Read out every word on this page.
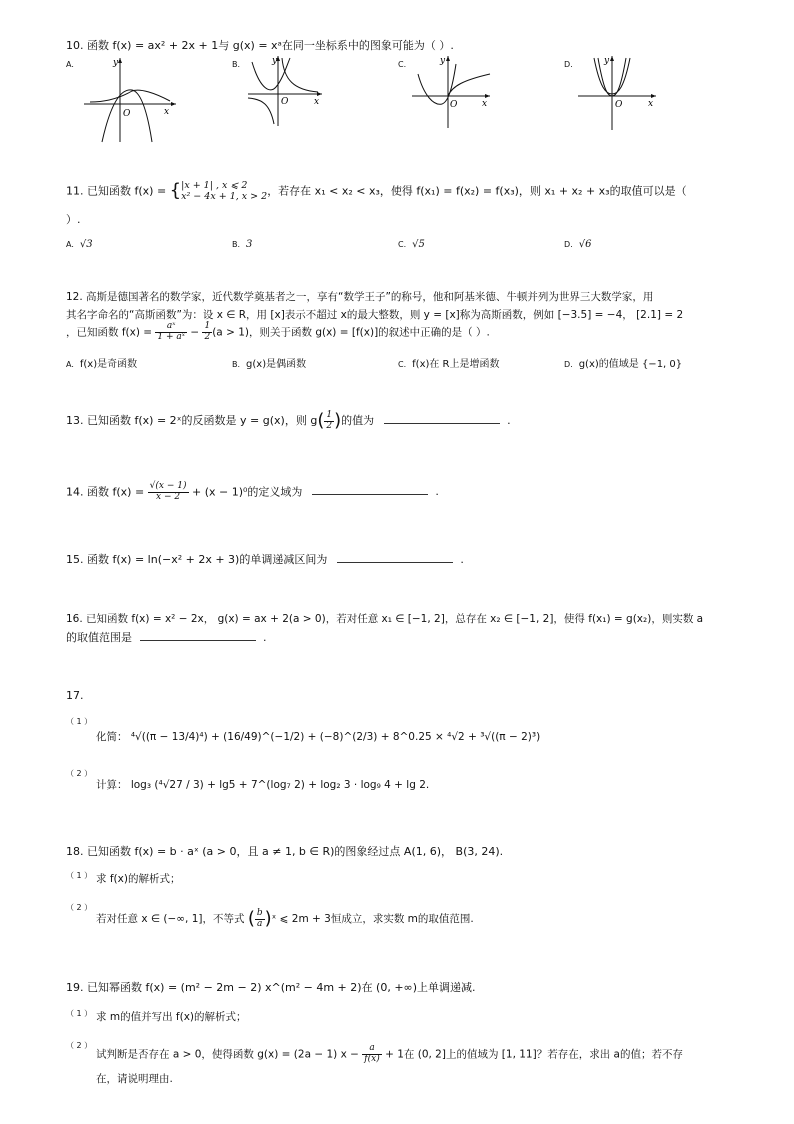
10. 函数 f(x) = ax² + 2x + 1与 g(x) = xᵃ在同一坐标系中的图象可能为（ ）.
A.	y
x
O
B.	y
x
O
C.	y
x
O
D.	y
x
O
11. 已知函数 f(x) = { |x + 1| , x ⩽ 2
x² − 4x + 1, x > 2 ，若存在 x₁ < x₂ < x₃，使得 f(x₁) = f(x₂) = f(x₃)，则 x₁ + x₂ + x₃的取值可以是（
）.
A. √3	B. 3	C. √5	D. √6
12. 高斯是德国著名的数学家，近代数学奠基者之一，享有“数学王子”的称号，他和阿基米德、牛顿并列为世界三大数学家，用
其名字命名的“高斯函数”为：设 x ∈ R，用 [x]表示不超过 x的最大整数，则 y = [x]称为高斯函数，例如 [−3.5] = −4， [2.1] = 2
，已知函数 $f(x) = \frac{\text{aˣ}}{\text{1 + aˣ}} - \frac{1}{2} (a > 1)$，则关于函数 g(x) = [f(x)]的叙述中正确的是（ ）.
A. f(x)是奇函数	B. g(x)是偶函数	C. f(x)在 R上是增函数	D. g(x)的值域是 {−1, 0}
13. 已知函数 f(x) = 2ˣ的反函数是 y = g(x)，则 $g( \frac{1}{2}$ )的值为	.
14. 函数 $f(x) = \frac{√(x - 1)}{x - 2} + (x - 1)^0$的定义域为	.
15. 函数 f(x) = ln(−x² + 2x + 3)的单调递减区间为	.
16. 已知函数 f(x) = x² − 2x， g(x) = ax + 2(a > 0)，若对任意 x₁ ∈ [−1, 2]，总存在 x₂ ∈ [−1, 2]，使得 f(x₁) = g(x₂)，则实数 a
的取值范围是	.
17.
（ 1 ）
化简： ⁴√((π − 13/4)⁴) + (16/49)^(−1/2) + (−8)^(2/3) + 8^0.25 × ⁴√2 + ³√((π − 2)³)
（ 2 ）
计算： log₃ (⁴√27 / 3) + lg5 + 7^(log₇ 2) + log₂ 3 · log₉ 4 + lg 2.
18. 已知函数 f(x) = b · aˣ (a > 0，且 a ≠ 1, b ∈ R)的图象经过点 A(1, 6)， B(3, 24).
（ 1 ） 求 f(x)的解析式；
（ 2 ）
若对任意 x ∈ (−∞, 1]，不等式 ( $\frac{b}{a}$ )ˣ ⩽ 2m + 3恒成立，求实数 m的取值范围.
19. 已知幂函数 f(x) = (m² − 2m − 2) x^(m² − 4m + 2)在 (0, +∞)上单调递减.
（ 1 ） 求 m的值并写出 f(x)的解析式；
（ 2 ）
试判断是否存在 a > 0，使得函数 g(x) = (2a − 1) $x - \frac{a}{f(x)} + 1$在 (0, 2]上的值域为 [1, 11]？若存在，求出 a的值；若不存
在，请说明理由.
